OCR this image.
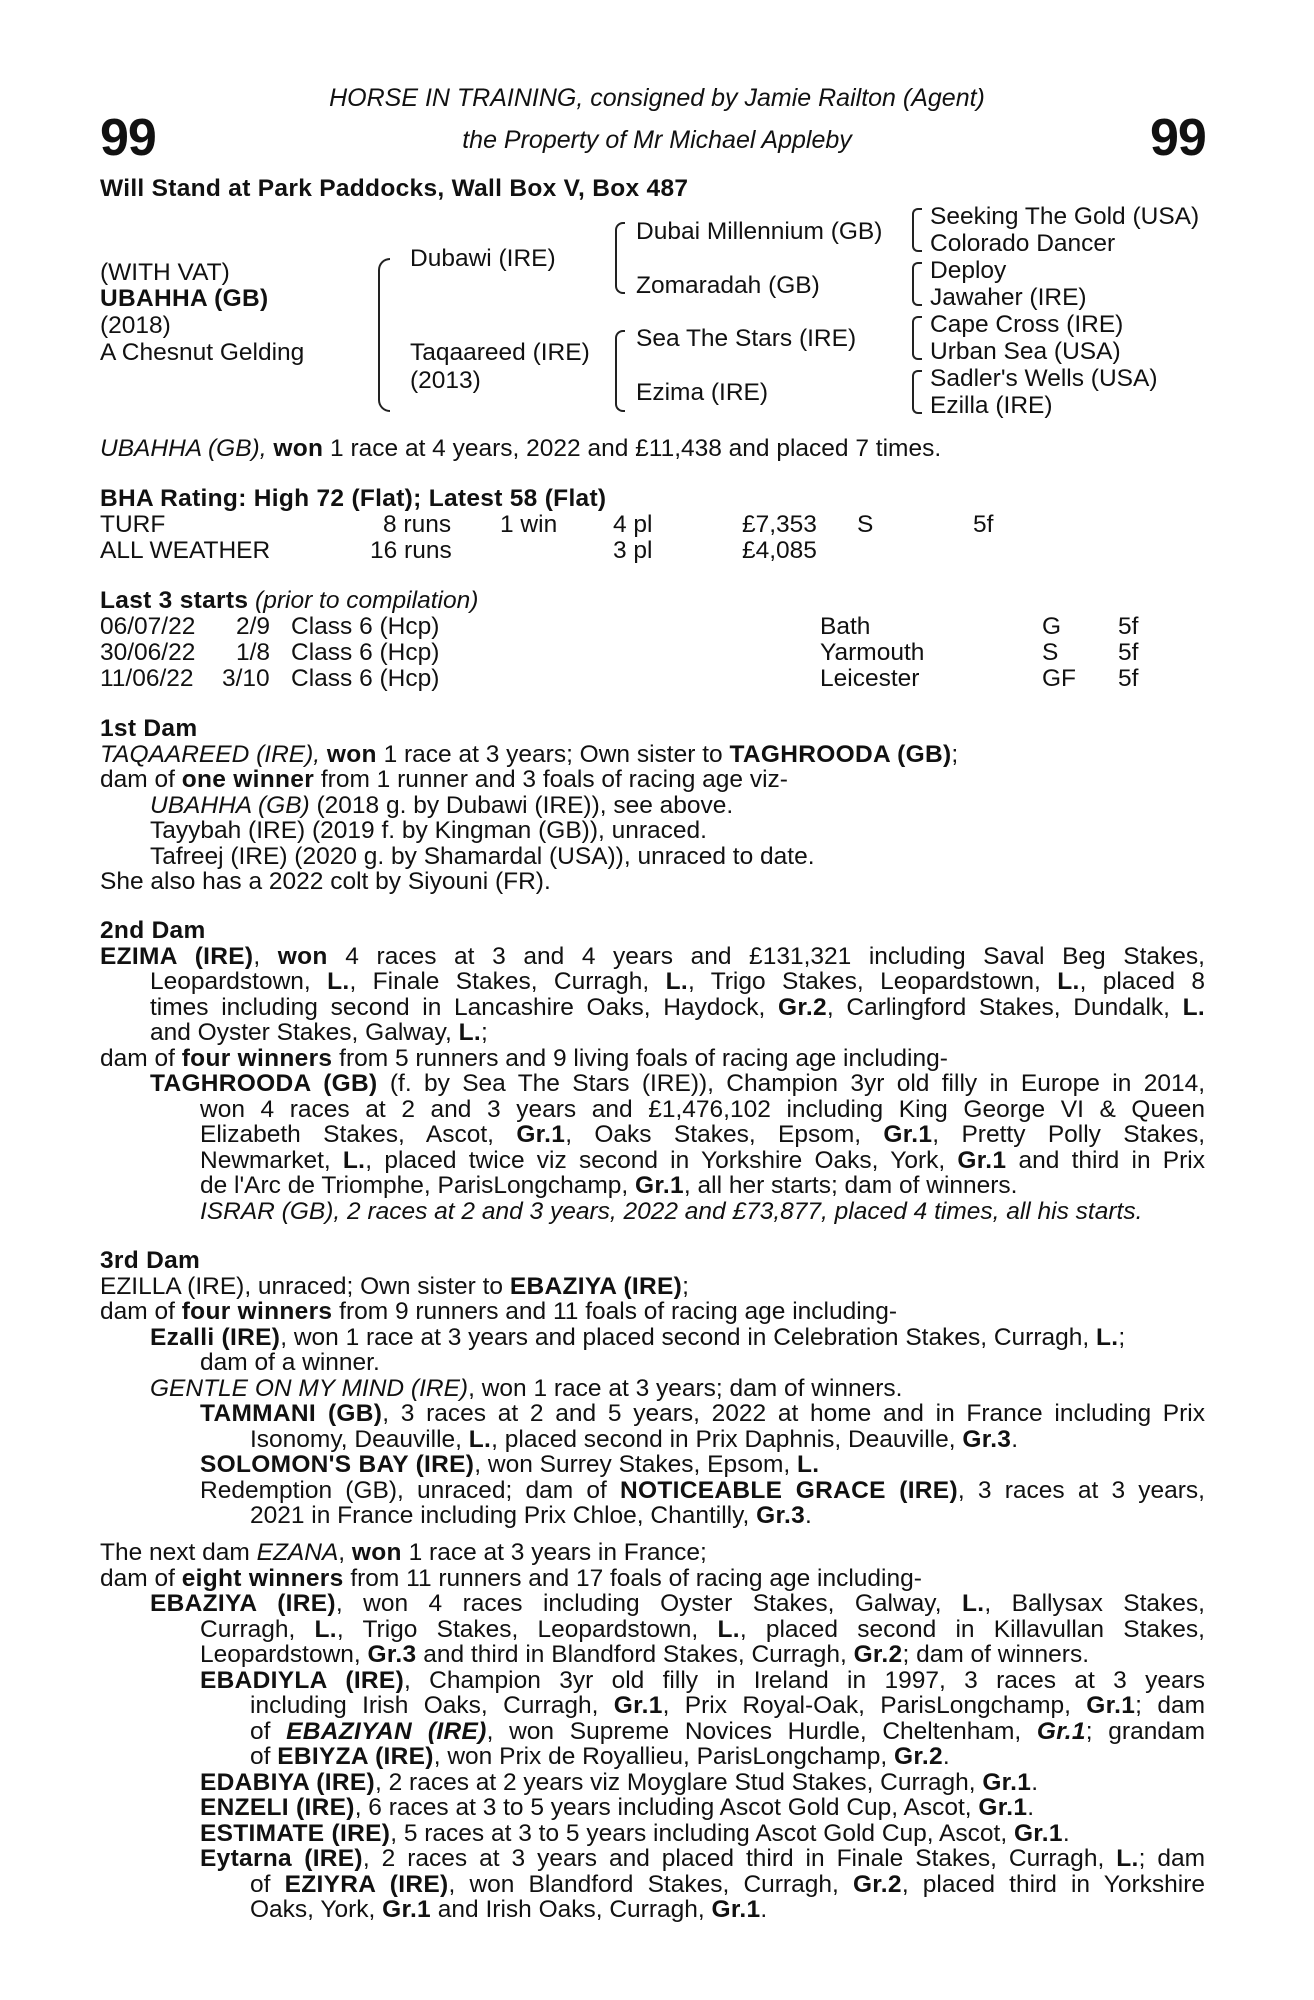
99	99
HORSE IN TRAINING, consigned by Jamie Railton (Agent)
the Property of Mr Michael Appleby
Will Stand at Park Paddocks, Wall Box V, Box 487
(WITH VAT)
UBAHHA (GB)
(2018)
A Chesnut Gelding
Dubawi (IRE)
Taqaareed (IRE)
(2013)
Dubai Millennium (GB)
Zomaradah (GB)
Sea The Stars (IRE)
Ezima (IRE)
Seeking The Gold (USA)
Colorado Dancer
Deploy
Jawaher (IRE)
Cape Cross (IRE)
Urban Sea (USA)
Sadler's Wells (USA)
Ezilla (IRE)
UBAHHA (GB), won 1 race at 4 years, 2022 and £11,438 and placed 7 times.
BHA Rating: High 72 (Flat); Latest 58 (Flat)
TURF	8 runs 1 win 4 pl	£7,353 S	5f
ALL WEATHER	16 runs	3 pl	£4,085
Last 3 starts (prior to compilation)
06/07/22 2/9 Class 6 (Hcp)	Bath	G 5f
30/06/22 1/8 Class 6 (Hcp)	Yarmouth	S 5f
11/06/22 3/10 Class 6 (Hcp)	Leicester	GF 5f
1st Dam
TAQAAREED (IRE), won 1 race at 3 years; Own sister to TAGHROODA (GB);
dam of one winner from 1 runner and 3 foals of racing age viz-
UBAHHA (GB) (2018 g. by Dubawi (IRE)), see above.
Tayybah (IRE) (2019 f. by Kingman (GB)), unraced.
Tafreej (IRE) (2020 g. by Shamardal (USA)), unraced to date.
She also has a 2022 colt by Siyouni (FR).
2nd Dam
EZIMA (IRE), won 4 races at 3 and 4 years and £131,321 including Saval Beg Stakes,
Leopardstown, L., Finale Stakes, Curragh, L., Trigo Stakes, Leopardstown, L., placed 8
times including second in Lancashire Oaks, Haydock, Gr.2, Carlingford Stakes, Dundalk, L.
and Oyster Stakes, Galway, L.;
dam of four winners from 5 runners and 9 living foals of racing age including-
TAGHROODA (GB) (f. by Sea The Stars (IRE)), Champion 3yr old filly in Europe in 2014,
won 4 races at 2 and 3 years and £1,476,102 including King George VI & Queen
Elizabeth Stakes, Ascot, Gr.1, Oaks Stakes, Epsom, Gr.1, Pretty Polly Stakes,
Newmarket, L., placed twice viz second in Yorkshire Oaks, York, Gr.1 and third in Prix
de l'Arc de Triomphe, ParisLongchamp, Gr.1, all her starts; dam of winners.
ISRAR (GB), 2 races at 2 and 3 years, 2022 and £73,877, placed 4 times, all his starts.
3rd Dam
EZILLA (IRE), unraced; Own sister to EBAZIYA (IRE);
dam of four winners from 9 runners and 11 foals of racing age including-
Ezalli (IRE), won 1 race at 3 years and placed second in Celebration Stakes, Curragh, L.;
dam of a winner.
GENTLE ON MY MIND (IRE), won 1 race at 3 years; dam of winners.
TAMMANI (GB), 3 races at 2 and 5 years, 2022 at home and in France including Prix
Isonomy, Deauville, L., placed second in Prix Daphnis, Deauville, Gr.3.
SOLOMON'S BAY (IRE), won Surrey Stakes, Epsom, L.
Redemption (GB), unraced; dam of NOTICEABLE GRACE (IRE), 3 races at 3 years,
2021 in France including Prix Chloe, Chantilly, Gr.3.
The next dam EZANA, won 1 race at 3 years in France;
dam of eight winners from 11 runners and 17 foals of racing age including-
EBAZIYA (IRE), won 4 races including Oyster Stakes, Galway, L., Ballysax Stakes,
Curragh, L., Trigo Stakes, Leopardstown, L., placed second in Killavullan Stakes,
Leopardstown, Gr.3 and third in Blandford Stakes, Curragh, Gr.2; dam of winners.
EBADIYLA (IRE), Champion 3yr old filly in Ireland in 1997, 3 races at 3 years
including Irish Oaks, Curragh, Gr.1, Prix Royal-Oak, ParisLongchamp, Gr.1; dam
of EBAZIYAN (IRE), won Supreme Novices Hurdle, Cheltenham, Gr.1; grandam
of EBIYZA (IRE), won Prix de Royallieu, ParisLongchamp, Gr.2.
EDABIYA (IRE), 2 races at 2 years viz Moyglare Stud Stakes, Curragh, Gr.1.
ENZELI (IRE), 6 races at 3 to 5 years including Ascot Gold Cup, Ascot, Gr.1.
ESTIMATE (IRE), 5 races at 3 to 5 years including Ascot Gold Cup, Ascot, Gr.1.
Eytarna (IRE), 2 races at 3 years and placed third in Finale Stakes, Curragh, L.; dam
of EZIYRA (IRE), won Blandford Stakes, Curragh, Gr.2, placed third in Yorkshire
Oaks, York, Gr.1 and Irish Oaks, Curragh, Gr.1.
